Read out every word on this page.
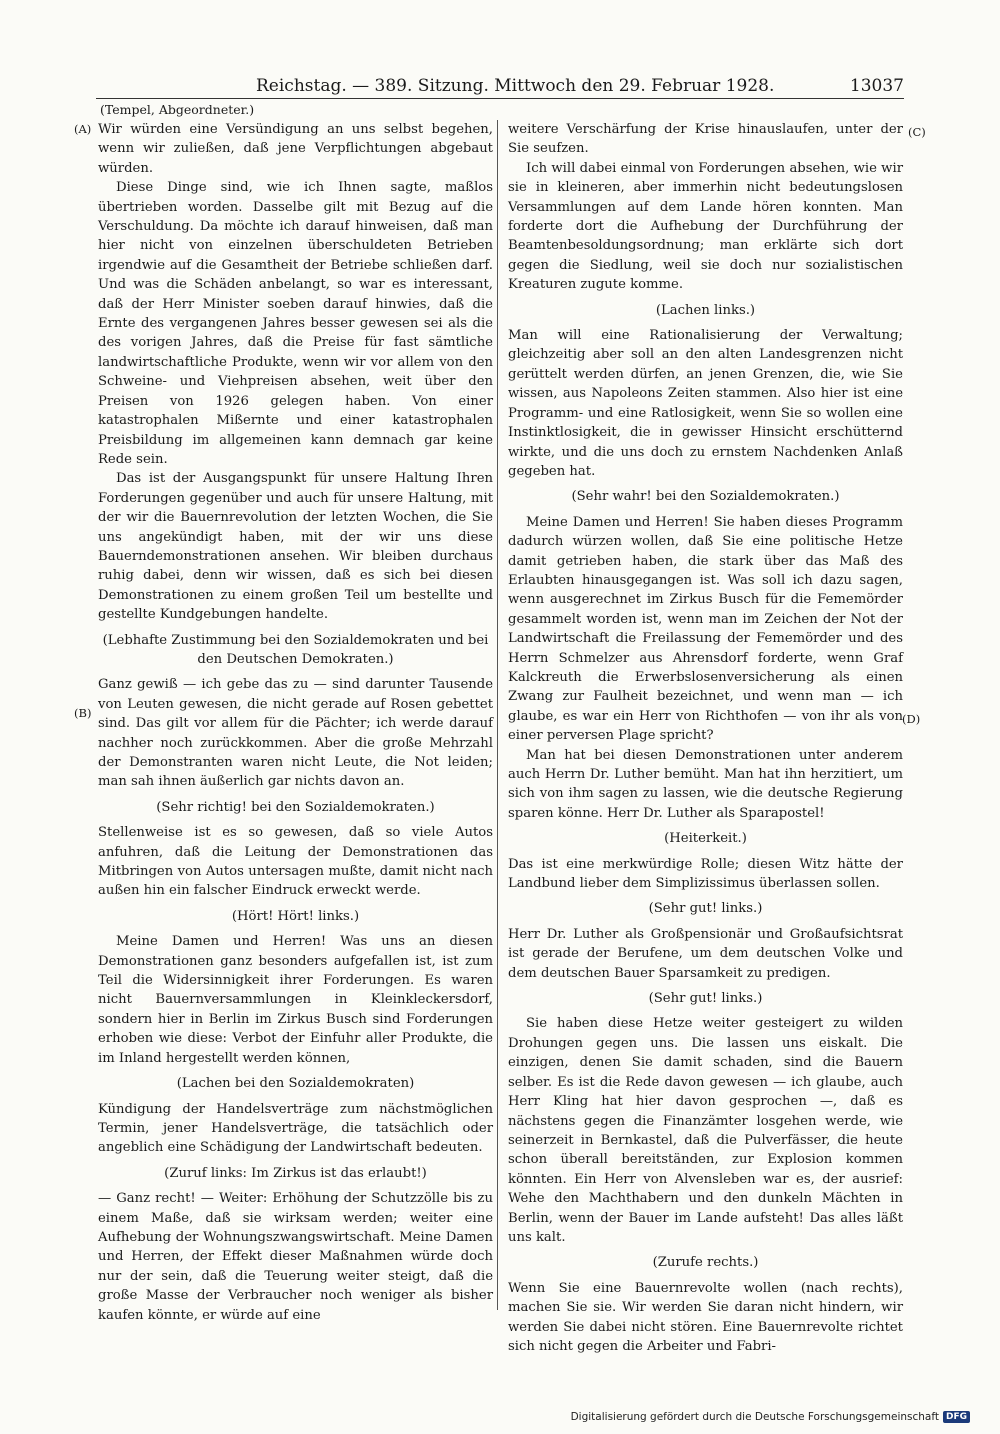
Reichstag. — 389. Sitzung. Mittwoch den 29. Februar 1928.	13037
(Tempel, Abgeordneter.)
(A)
(B)
(C)
(D)

Wir würden eine Versündigung an uns selbst begehen, wenn wir zuließen, daß jene Verpflichtungen abgebaut würden.

Diese Dinge sind, wie ich Ihnen sagte, maßlos übertrieben worden. Dasselbe gilt mit Bezug auf die Verschuldung. Da möchte ich darauf hinweisen, daß man hier nicht von einzelnen überschuldeten Betrieben irgendwie auf die Gesamtheit der Betriebe schließen darf. Und was die Schäden anbelangt, so war es interessant, daß der Herr Minister soeben darauf hinwies, daß die Ernte des vergangenen Jahres besser gewesen sei als die des vorigen Jahres, daß die Preise für fast sämtliche landwirtschaftliche Produkte, wenn wir vor allem von den Schweine- und Viehpreisen absehen, weit über den Preisen von 1926 gelegen haben. Von einer katastrophalen Mißernte und einer katastrophalen Preisbildung im allgemeinen kann demnach gar keine Rede sein.

Das ist der Ausgangspunkt für unsere Haltung Ihren Forderungen gegenüber und auch für unsere Haltung, mit der wir die Bauernrevolution der letzten Wochen, die Sie uns angekündigt haben, mit der wir uns diese Bauerndemonstrationen ansehen. Wir bleiben durchaus ruhig dabei, denn wir wissen, daß es sich bei diesen Demonstrationen zu einem großen Teil um bestellte und gestellte Kundgebungen handelte.

(Lebhafte Zustimmung bei den Sozialdemokraten und bei den Deutschen Demokraten.)

Ganz gewiß — ich gebe das zu — sind darunter Tausende von Leuten gewesen, die nicht gerade auf Rosen gebettet sind. Das gilt vor allem für die Pächter; ich werde darauf nachher noch zurückkommen. Aber die große Mehrzahl der Demonstranten waren nicht Leute, die Not leiden; man sah ihnen äußerlich gar nichts davon an.

(Sehr richtig! bei den Sozialdemokraten.)

Stellenweise ist es so gewesen, daß so viele Autos anfuhren, daß die Leitung der Demonstrationen das Mitbringen von Autos untersagen mußte, damit nicht nach außen hin ein falscher Eindruck erweckt werde.

(Hört! Hört! links.)

Meine Damen und Herren! Was uns an diesen Demonstrationen ganz besonders aufgefallen ist, ist zum Teil die Widersinnigkeit ihrer Forderungen. Es waren nicht Bauernversammlungen in Kleinkleckersdorf, sondern hier in Berlin im Zirkus Busch sind Forderungen erhoben wie diese: Verbot der Einfuhr aller Produkte, die im Inland hergestellt werden können,

(Lachen bei den Sozialdemokraten)

Kündigung der Handelsverträge zum nächstmöglichen Termin, jener Handelsverträge, die tatsächlich oder angeblich eine Schädigung der Landwirtschaft bedeuten.

(Zuruf links: Im Zirkus ist das erlaubt!)

— Ganz recht! — Weiter: Erhöhung der Schutzzölle bis zu einem Maße, daß sie wirksam werden; weiter eine Aufhebung der Wohnungszwangswirtschaft. Meine Damen und Herren, der Effekt dieser Maßnahmen würde doch nur der sein, daß die Teuerung weiter steigt, daß die große Masse der Verbraucher noch weniger als bisher kaufen könnte, er würde auf eine

weitere Verschärfung der Krise hinauslaufen, unter der Sie seufzen.

Ich will dabei einmal von Forderungen absehen, wie wir sie in kleineren, aber immerhin nicht bedeutungslosen Versammlungen auf dem Lande hören konnten. Man forderte dort die Aufhebung der Durchführung der Beamtenbesoldungsordnung; man erklärte sich dort gegen die Siedlung, weil sie doch nur sozialistischen Kreaturen zugute komme.

(Lachen links.)

Man will eine Rationalisierung der Verwaltung; gleichzeitig aber soll an den alten Landesgrenzen nicht gerüttelt werden dürfen, an jenen Grenzen, die, wie Sie wissen, aus Napoleons Zeiten stammen. Also hier ist eine Programm- und eine Ratlosigkeit, wenn Sie so wollen eine Instinktlosigkeit, die in gewisser Hinsicht erschütternd wirkte, und die uns doch zu ernstem Nachdenken Anlaß gegeben hat.

(Sehr wahr! bei den Sozialdemokraten.)

Meine Damen und Herren! Sie haben dieses Programm dadurch würzen wollen, daß Sie eine politische Hetze damit getrieben haben, die stark über das Maß des Erlaubten hinausgegangen ist. Was soll ich dazu sagen, wenn ausgerechnet im Zirkus Busch für die Fememörder gesammelt worden ist, wenn man im Zeichen der Not der Landwirtschaft die Freilassung der Fememörder und des Herrn Schmelzer aus Ahrensdorf forderte, wenn Graf Kalckreuth die Erwerbslosenversicherung als einen Zwang zur Faulheit bezeichnet, und wenn man — ich glaube, es war ein Herr von Richthofen — von ihr als von einer perversen Plage spricht?

Man hat bei diesen Demonstrationen unter anderem auch Herrn Dr. Luther bemüht. Man hat ihn herzitiert, um sich von ihm sagen zu lassen, wie die deutsche Regierung sparen könne. Herr Dr. Luther als Sparapostel!

(Heiterkeit.)

Das ist eine merkwürdige Rolle; diesen Witz hätte der Landbund lieber dem Simplizissimus überlassen sollen.

(Sehr gut! links.)

Herr Dr. Luther als Großpensionär und Großaufsichtsrat ist gerade der Berufene, um dem deutschen Volke und dem deutschen Bauer Sparsamkeit zu predigen.

(Sehr gut! links.)

Sie haben diese Hetze weiter gesteigert zu wilden Drohungen gegen uns. Die lassen uns eiskalt. Die einzigen, denen Sie damit schaden, sind die Bauern selber. Es ist die Rede davon gewesen — ich glaube, auch Herr Kling hat hier davon gesprochen —, daß es nächstens gegen die Finanzämter losgehen werde, wie seinerzeit in Bernkastel, daß die Pulverfässer, die heute schon überall bereitständen, zur Explosion kommen könnten. Ein Herr von Alvensleben war es, der ausrief: Wehe den Machthabern und den dunkeln Mächten in Berlin, wenn der Bauer im Lande aufsteht! Das alles läßt uns kalt.

(Zurufe rechts.)

Wenn Sie eine Bauernrevolte wollen (nach rechts), machen Sie sie. Wir werden Sie daran nicht hindern, wir werden Sie dabei nicht stören. Eine Bauernrevolte richtet sich nicht gegen die Arbeiter und Fabri-

Digitalisierung gefördert durch die Deutsche Forschungsgemeinschaft DFG
